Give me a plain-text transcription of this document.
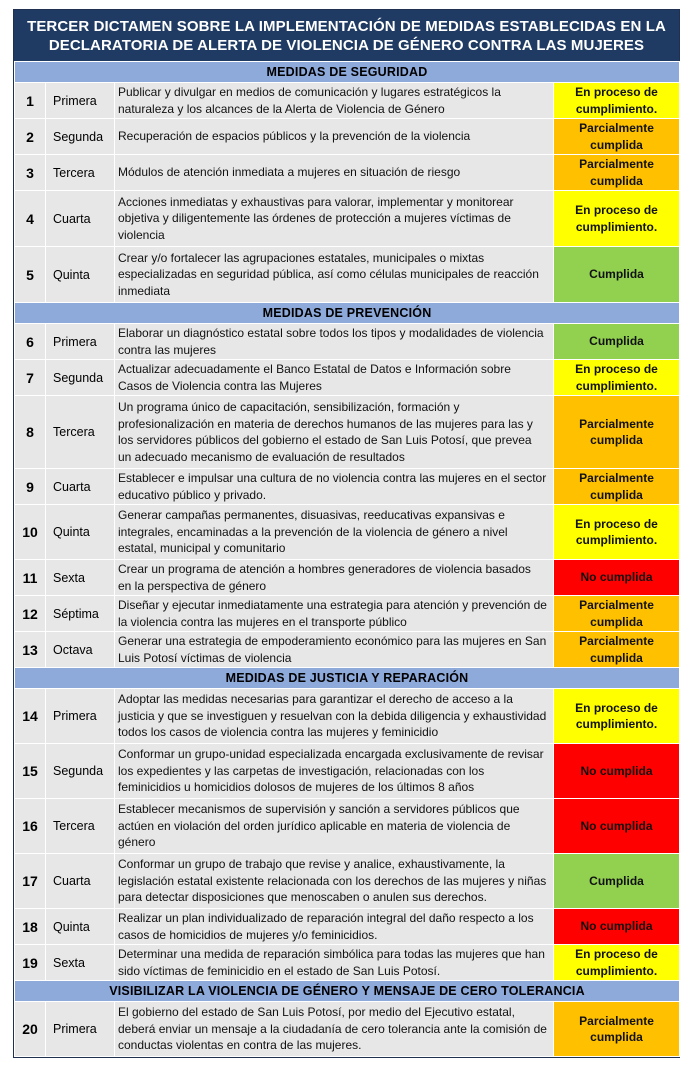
TERCER DICTAMEN SOBRE LA IMPLEMENTACIÓN DE MEDIDAS ESTABLECIDAS EN LA DECLARATORIA DE ALERTA DE VIOLENCIA DE GÉNERO CONTRA LAS MUJERES
MEDIDAS DE SEGURIDAD			
1	Primera	Publicar y divulgar en medios de comunicación y lugares estratégicos la naturaleza y los alcances de la Alerta de Violencia de Género	En proceso de cumplimiento.
2	Segunda	Recuperación de espacios públicos y la prevención de la violencia	Parcialmente cumplida
3	Tercera	Módulos de atención inmediata a mujeres en situación de riesgo	Parcialmente cumplida
4	Cuarta	Acciones inmediatas y exhaustivas para valorar, implementar y monitorear objetiva y diligentemente las órdenes de protección a mujeres víctimas de violencia	En proceso de cumplimiento.
5	Quinta	Crear y/o fortalecer las agrupaciones estatales, municipales o mixtas especializadas en seguridad pública, así como células municipales de reacción inmediata	Cumplida
MEDIDAS DE PREVENCIÓN			
6	Primera	Elaborar un diagnóstico estatal sobre todos los tipos y modalidades de violencia contra las mujeres	Cumplida
7	Segunda	Actualizar adecuadamente el Banco Estatal de Datos e Información sobre Casos de Violencia contra las Mujeres	En proceso de cumplimiento.
8	Tercera	Un programa único de capacitación, sensibilización, formación y profesionalización en materia de derechos humanos de las mujeres para las y los servidores públicos del gobierno el estado de San Luis Potosí, que prevea un adecuado mecanismo de evaluación de resultados	Parcialmente cumplida
9	Cuarta	Establecer e impulsar una cultura de no violencia contra las mujeres en el sector educativo público y privado.	Parcialmente cumplida
10	Quinta	Generar campañas permanentes, disuasivas, reeducativas expansivas e integrales, encaminadas a la prevención de la violencia de género a nivel estatal, municipal y comunitario	En proceso de cumplimiento.
11	Sexta	Crear un programa de atención a hombres generadores de violencia basados en la perspectiva de género	No cumplida
12	Séptima	Diseñar y ejecutar inmediatamente una estrategia para atención y prevención de la violencia contra las mujeres en el transporte público	Parcialmente cumplida
13	Octava	Generar una estrategia de empoderamiento económico para las mujeres en San Luis Potosí víctimas de violencia	Parcialmente cumplida
MEDIDAS DE JUSTICIA Y REPARACIÓN			
14	Primera	Adoptar las medidas necesarias para garantizar el derecho de acceso a la justicia y que se investiguen y resuelvan con la debida diligencia y exhaustividad todos los casos de violencia contra las mujeres y feminicidio	En proceso de cumplimiento.
15	Segunda	Conformar un grupo-unidad especializada encargada exclusivamente de revisar los expedientes y las carpetas de investigación, relacionadas con los feminicidios u homicidios dolosos de mujeres de los últimos 8 años	No cumplida
16	Tercera	Establecer mecanismos de supervisión y sanción a servidores públicos que actúen en violación del orden jurídico aplicable en materia de violencia de género	No cumplida
17	Cuarta	Conformar un grupo de trabajo que revise y analice, exhaustivamente, la legislación estatal existente relacionada con los derechos de las mujeres y niñas para detectar disposiciones que menoscaben o anulen sus derechos.	Cumplida
18	Quinta	Realizar un plan individualizado de reparación integral del daño respecto a los casos de homicidios de mujeres y/o feminicidios.	No cumplida
19	Sexta	Determinar una medida de reparación simbólica para todas las mujeres que han sido víctimas de feminicidio en el estado de San Luis Potosí.	En proceso de cumplimiento.
VISIBILIZAR LA VIOLENCIA DE GÉNERO Y MENSAJE DE CERO TOLERANCIA			
20	Primera	El gobierno del estado de San Luis Potosí, por medio del Ejecutivo estatal, deberá enviar un mensaje a la ciudadanía de cero tolerancia ante la comisión de conductas violentas en contra de las mujeres.	Parcialmente cumplida
